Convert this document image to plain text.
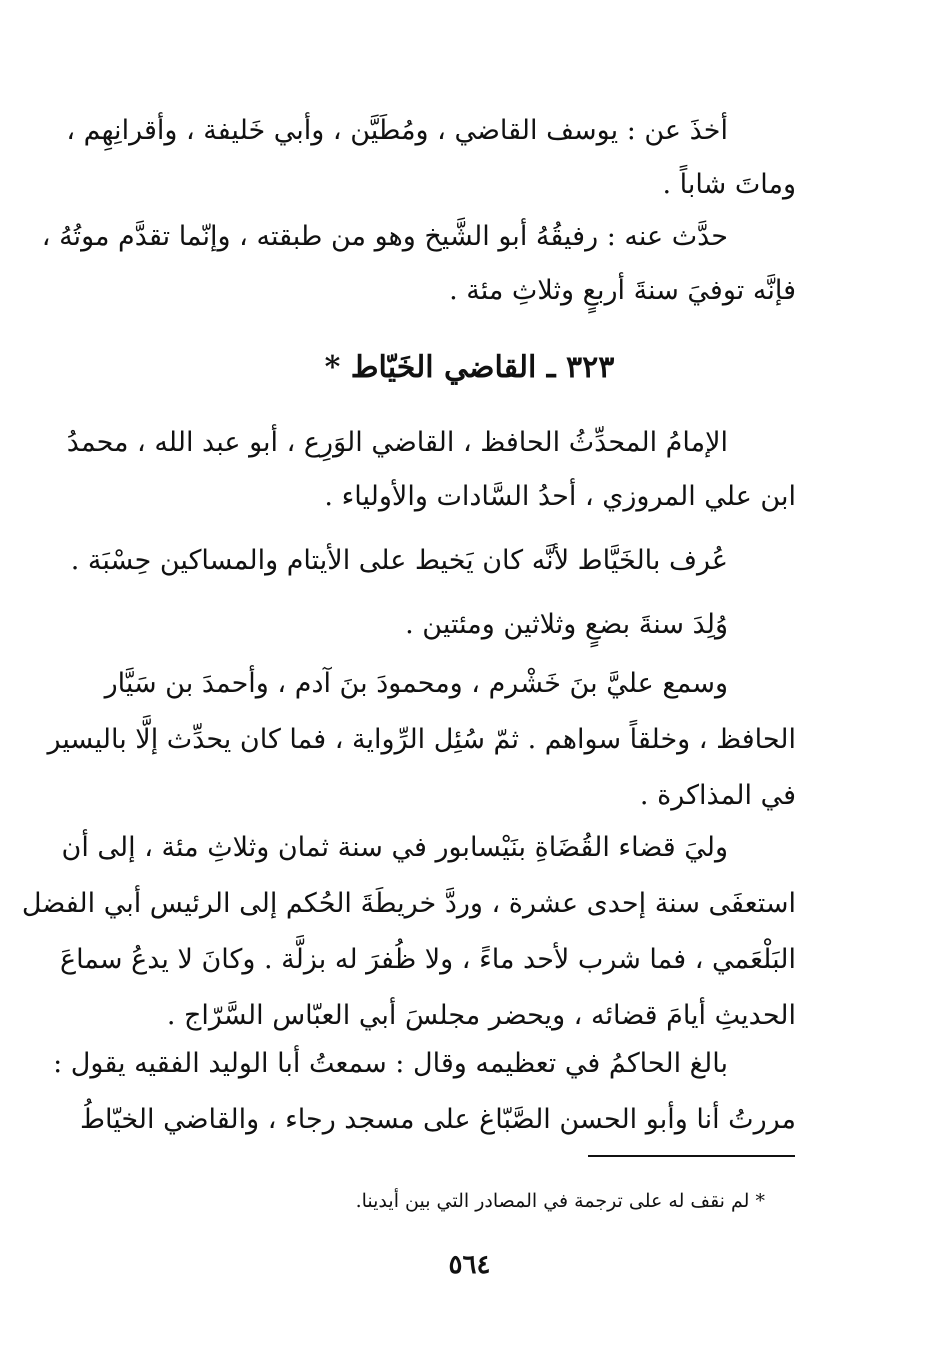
أخذَ عن : يوسف القاضي ، ومُطَيَّن ، وأبي خَليفة ، وأقرانِهِم ،
وماتَ شاباً .
حدَّث عنه : رفيقُهُ أبو الشَّيخ وهو من طبقته ، وإنّما تقدَّم موتُهُ ،
فإنَّه توفيَ سنةَ أربعٍ وثلاثِ مئة .
٣٢٣ ـ القاضي الخَيّاط *
الإمامُ المحدِّثُ الحافظ ، القاضي الوَرِع ، أبو عبد الله ، محمدُ
ابن علي المروزي ، أحدُ السَّادات والأولياء .
عُرف بالخَيَّاط لأنَّه كان يَخيط على الأيتام والمساكين حِسْبَة .
وُلِدَ سنةَ بضعٍ وثلاثين ومئتين .
وسمع عليَّ بنَ خَشْرم ، ومحمودَ بنَ آدم ، وأحمدَ بن سَيَّار
الحافظ ، وخلقاً سواهم . ثمّ سُئِل الرِّواية ، فما كان يحدِّث إلَّا باليسير
في المذاكرة .
وليَ قضاء القُضَاةِ بنَيْسابور في سنة ثمان وثلاثِ مئة ، إلى أن
استعفَى سنة إحدى عشرة ، وردَّ خريطَةَ الحُكم إلى الرئيس أبي الفضل
البَلْعَمي ، فما شرب لأحد ماءً ، ولا ظُفرَ له بزلَّة . وكانَ لا يدعُ سماعَ
الحديثِ أيامَ قضائه ، ويحضر مجلسَ أبي العبّاس السَّرّاج .
بالغ الحاكمُ في تعظيمه وقال : سمعتُ أبا الوليد الفقيه يقول :
مررتُ أنا وأبو الحسن الصَّبّاغ على مسجد رجاء ، والقاضي الخيّاطُ
* لم نقف له على ترجمة في المصادر التي بين أيدينا.
٥٦٤
